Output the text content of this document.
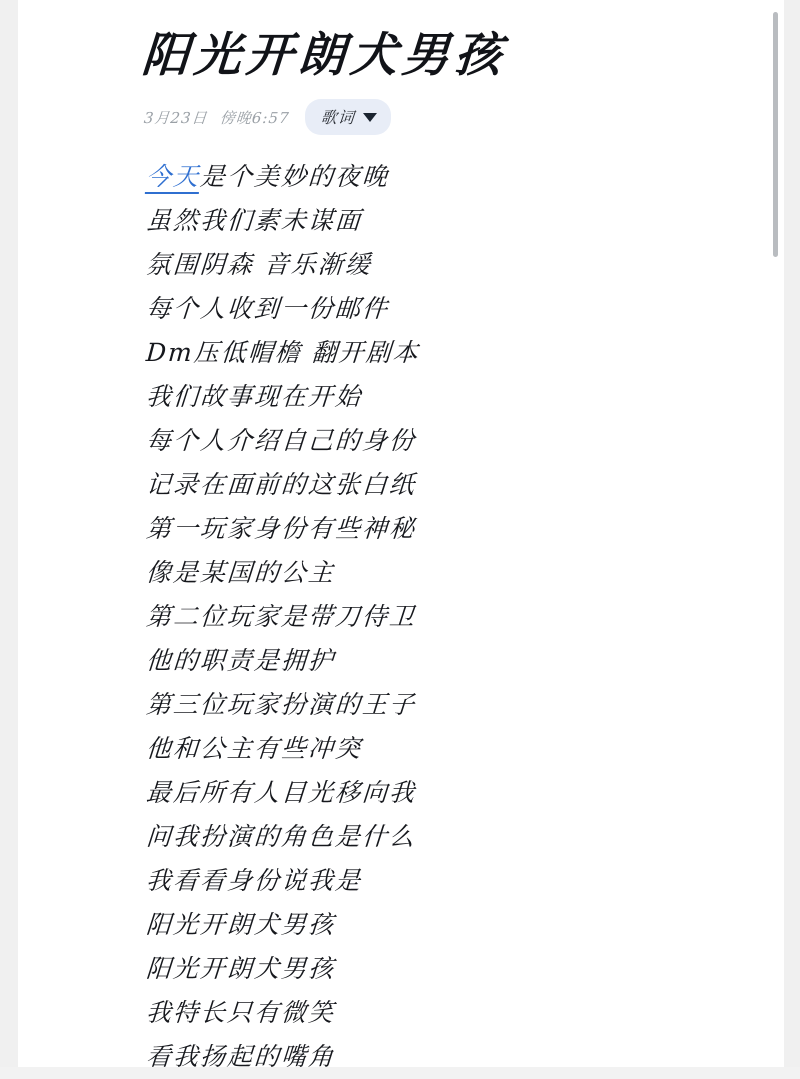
阳光开朗犬男孩
3月23日 傍晚6:57 歌词
今天是个美妙的夜晚
虽然我们素未谋面
氛围阴森 音乐渐缓
每个人收到一份邮件
Dm压低帽檐 翻开剧本
我们故事现在开始
每个人介绍自己的身份
记录在面前的这张白纸
第一玩家身份有些神秘
像是某国的公主
第二位玩家是带刀侍卫
他的职责是拥护
第三位玩家扮演的王子
他和公主有些冲突
最后所有人目光移向我
问我扮演的角色是什么
我看看身份说我是
阳光开朗犬男孩
阳光开朗犬男孩
我特长只有微笑
看我扬起的嘴角
